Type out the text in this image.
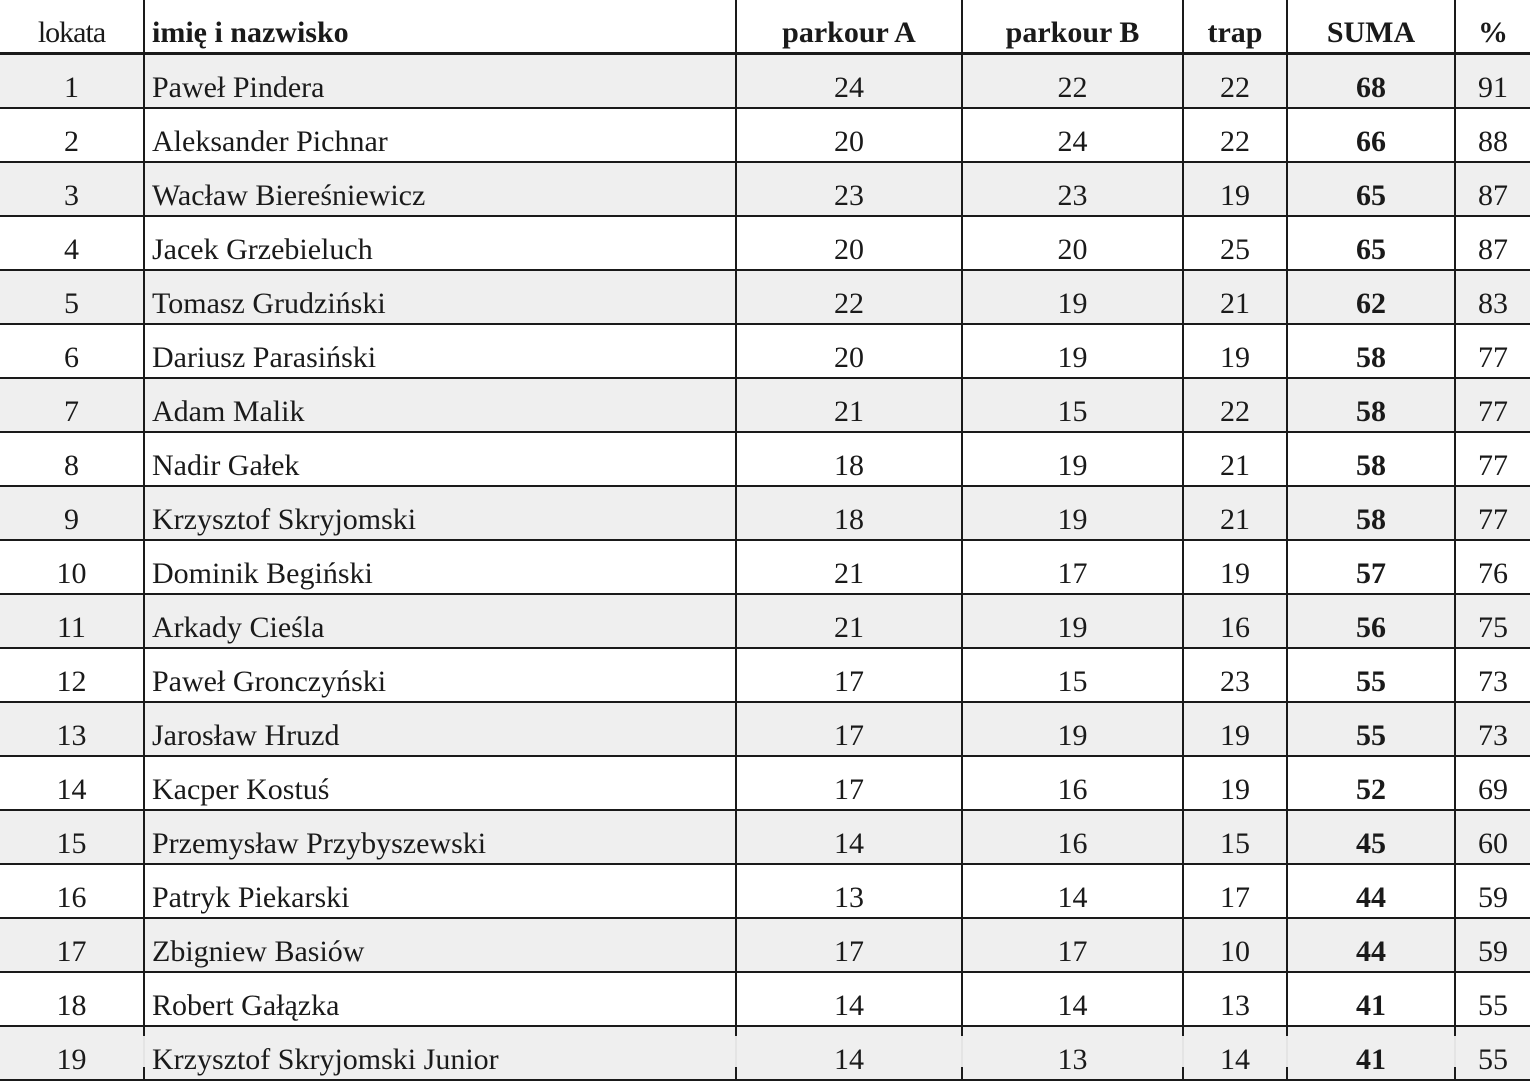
lokata	imię i nazwisko	parkour A	parkour B	trap	SUMA	%
1	Paweł Pindera	24	22	22	68	91
2	Aleksander Pichnar	20	24	22	66	88
3	Wacław Biereśniewicz	23	23	19	65	87
4	Jacek Grzebieluch	20	20	25	65	87
5	Tomasz Grudziński	22	19	21	62	83
6	Dariusz Parasiński	20	19	19	58	77
7	Adam Malik	21	15	22	58	77
8	Nadir Gałek	18	19	21	58	77
9	Krzysztof Skryjomski	18	19	21	58	77
10	Dominik Begiński	21	17	19	57	76
11	Arkady Cieśla	21	19	16	56	75
12	Paweł Gronczyński	17	15	23	55	73
13	Jarosław Hruzd	17	19	19	55	73
14	Kacper Kostuś	17	16	19	52	69
15	Przemysław Przybyszewski	14	16	15	45	60
16	Patryk Piekarski	13	14	17	44	59
17	Zbigniew Basiów	17	17	10	44	59
18	Robert Gałązka	14	14	13	41	55
19	Krzysztof Skryjomski Junior	14	13	14	41	55
